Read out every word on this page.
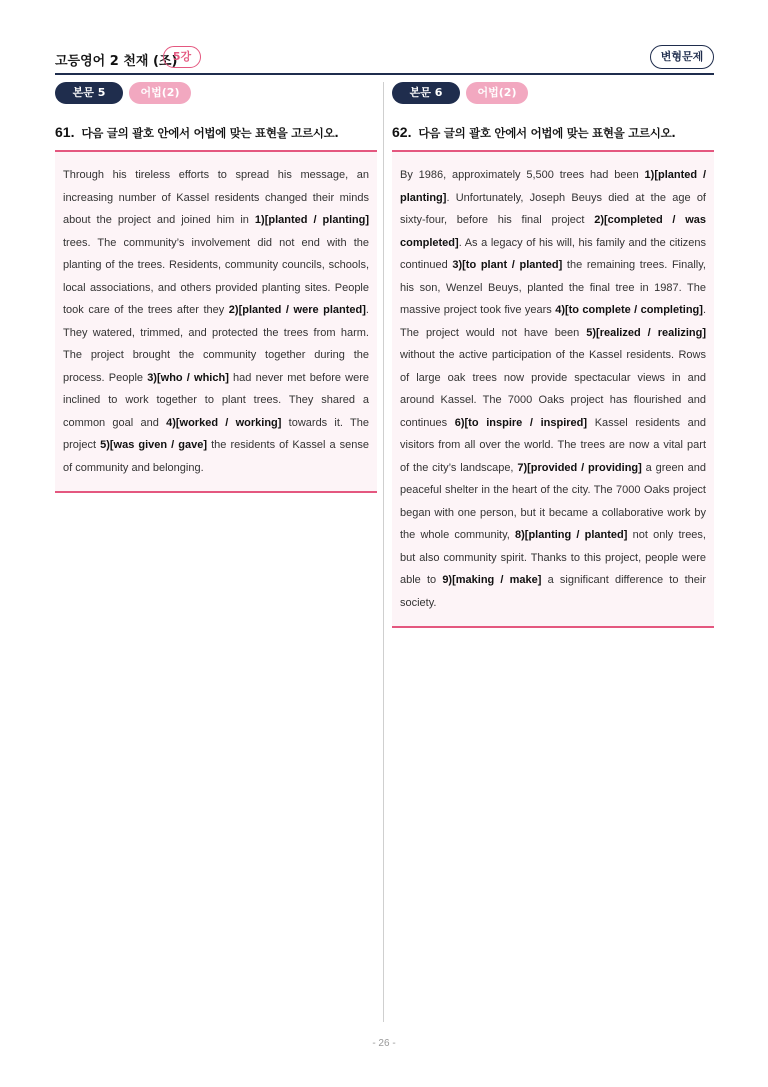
고등영어 2 천재 (조)
5강	변형문제
본문 5	어법(2)
61. 다음 글의 괄호 안에서 어법에 맞는 표현을 고르시오.

Through his tireless efforts to spread his message, an increasing number of Kassel residents changed their minds about the project and joined him in 1)[planted / planting] trees. The community’s involvement did not end with the planting of the trees. Residents, community councils, schools, local associations, and others provided planting sites. People took care of the trees after they 2)[planted / were planted]. They watered, trimmed, and protected the trees from harm. The project brought the community together during the process. People 3)[who / which] had never met before were inclined to work together to plant trees. They shared a common goal and 4)[worked / working] towards it. The project 5)[was given / gave] the residents of Kassel a sense of community and belonging.

본문 6	어법(2)
62. 다음 글의 괄호 안에서 어법에 맞는 표현을 고르시오.

By 1986, approximately 5,500 trees had been 1)[planted / planting]. Unfortunately, Joseph Beuys died at the age of sixty-four, before his final project 2)[completed / was completed]. As a legacy of his will, his family and the citizens continued 3)[to plant / planted] the remaining trees. Finally, his son, Wenzel Beuys, planted the final tree in 1987. The massive project took five years 4)[to complete / completing]. The project would not have been 5)[realized / realizing] without the active participation of the Kassel residents. Rows of large oak trees now provide spectacular views in and around Kassel. The 7000 Oaks project has flourished and continues 6)[to inspire / inspired] Kassel residents and visitors from all over the world. The trees are now a vital part of the city’s landscape, 7)[provided / providing] a green and peaceful shelter in the heart of the city. The 7000 Oaks project began with one person, but it became a collaborative work by the whole community, 8)[planting / planted] not only trees, but also community spirit. Thanks to this project, people were able to 9)[making / make] a significant difference to their society.

- 26 -
